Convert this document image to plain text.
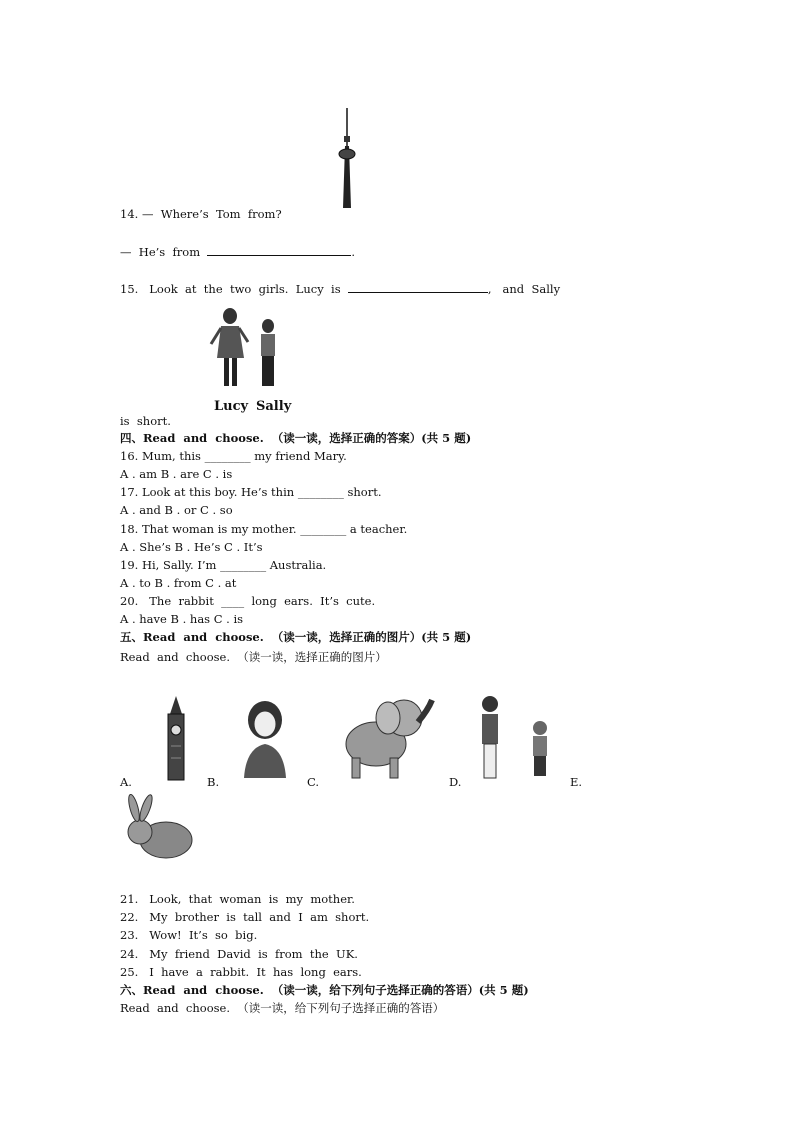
14. —  Where’s  Tom  from?
—  He’s  from	.
15.   Look  at  the  two  girls.  Lucy  is	,   and  Sally
Lucy Sally
is  short.
四、Read  and  choose.  （读一读，选择正确的答案）(共 5 题)
16. Mum, this ________ my friend Mary.
A . am B . are C . is
17. Look at this boy. He’s thin ________ short.
A . and B . or C . so
18. That woman is my mother. ________ a teacher.
A . She’s B . He’s C . It’s
19. Hi, Sally. I’m ________ Australia.
A . to B . from C . at
20.   The  rabbit  ____  long  ears.  It’s  cute.
A . have B . has C . is
五、Read  and  choose.  （读一读，选择正确的图片）(共 5 题)
Read  and  choose.  （读一读，选择正确的图片）
A.	B.	C.	D.	E.
21.   Look,  that  woman  is  my  mother.
22.   My  brother  is  tall  and  I  am  short.
23.   Wow!  It’s  so  big.
24.   My  friend  David  is  from  the  UK.
25.   I  have  a  rabbit.  It  has  long  ears.
六、Read  and  choose.  （读一读，给下列句子选择正确的答语）(共 5 题)
Read  and  choose.  （读一读，给下列句子选择正确的答语）
